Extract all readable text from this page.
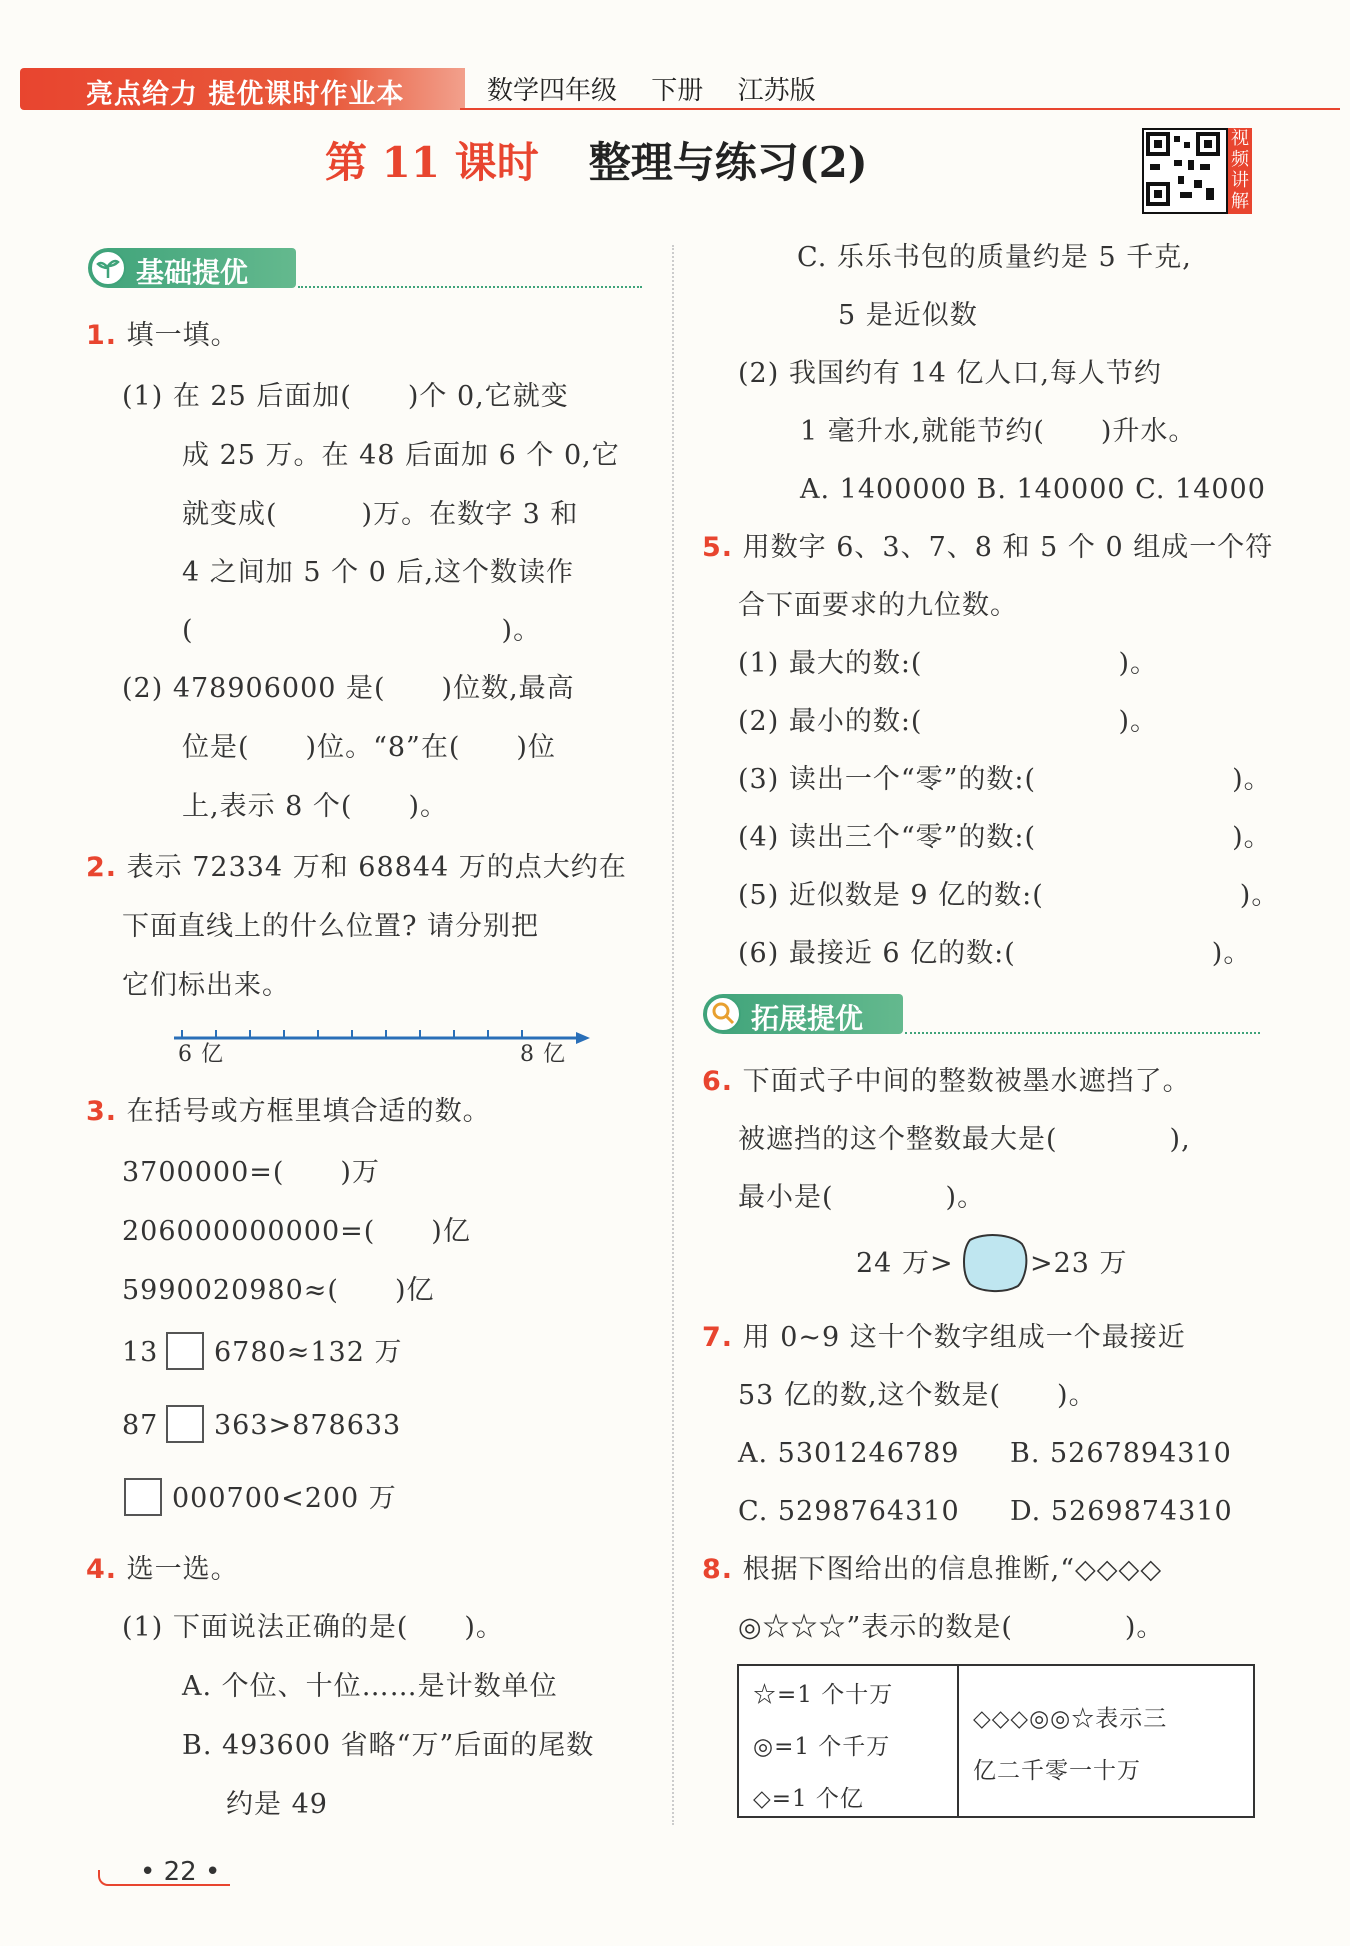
亮点给力 提优课时作业本	数学四年级 下册 江苏版
第 11 课时 整理与练习(2)	视频讲解
基础提优
1. 填一填。
(1) 在 25 后面加(　　)个 0,它就变
成 25 万。在 48 后面加 6 个 0,它
就变成(　　　)万。在数字 3 和
4 之间加 5 个 0 后,这个数读作
(　　　　　　　　　　　)。
(2) 478906000 是(　　)位数,最高
位是(　　)位。“8”在(　　)位
上,表示 8 个(　　)。
2. 表示 72334 万和 68844 万的点大约在
下面直线上的什么位置? 请分别把
它们标出来。
6 亿	8 亿
3. 在括号或方框里填合适的数。
3700000=(　　)万
206000000000=(　　)亿
5990020980≈(　　)亿
13 6780≈132 万
87 363>878633
000700<200 万
4. 选一选。
(1) 下面说法正确的是(　　)。
A. 个位、十位……是计数单位
B. 493600 省略“万”后面的尾数
约是 49
C. 乐乐书包的质量约是 5 千克,
5 是近似数
(2) 我国约有 14 亿人口,每人节约
1 毫升水,就能节约(　　)升水。
A. 1400000 B. 140000 C. 14000
5. 用数字 6、3、7、8 和 5 个 0 组成一个符
合下面要求的九位数。
(1) 最大的数:(　　　　　　　)。
(2) 最小的数:(　　　　　　　)。
(3) 读出一个“零”的数:(　　　　　　　)。
(4) 读出三个“零”的数:(　　　　　　　)。
(5) 近似数是 9 亿的数:(　　　　　　　)。
(6) 最接近 6 亿的数:(　　　　　　　)。
拓展提优
6. 下面式子中间的整数被墨水遮挡了。
被遮挡的这个整数最大是(　　　　),
最小是(　　　　)。
24 万>	>23 万
7. 用 0~9 这十个数字组成一个最接近
53 亿的数,这个数是(　　)。
A. 5301246789 B. 5267894310
C. 5298764310 D. 5269874310
8. 根据下图给出的信息推断,“◇◇◇◇
◎☆☆☆”表示的数是(　　　　)。
☆=1 个十万
◎=1 个千万
◇=1 个亿
◇◇◇◎◎☆表示三
亿二千零一十万
• 22 •
